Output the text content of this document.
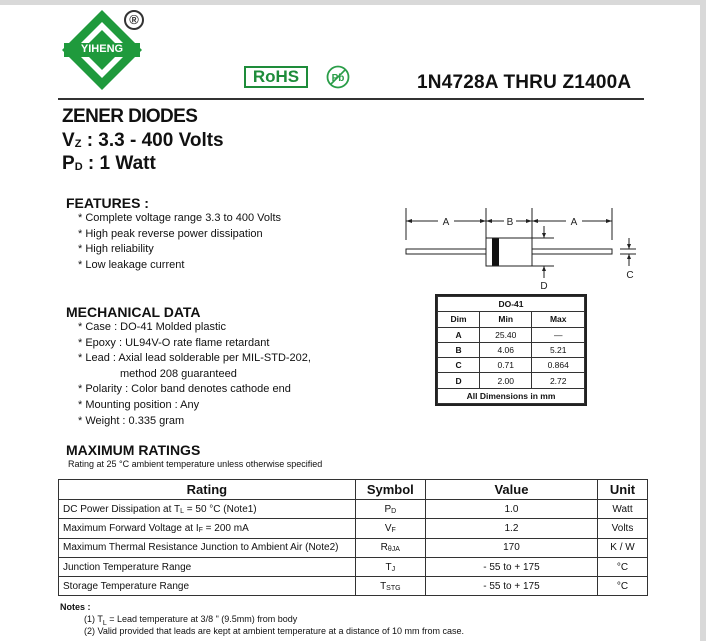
YIHENG
®
RoHS	Pb	1N4728A THRU Z1400A
ZENER DIODES
VZ : 3.3 - 400 Volts
PD : 1 Watt
FEATURES :
* Complete voltage range 3.3 to 400 Volts
* High peak reverse power dissipation
* High reliability
* Low leakage current
MECHANICAL DATA
* Case : DO-41 Molded plastic
* Epoxy : UL94V-O rate flame retardant
* Lead : Axial lead solderable per MIL-STD-202,
method 208 guaranteed
* Polarity : Color band denotes cathode end
* Mounting position : Any
* Weight : 0.335 gram
A	B	A
C
D
DO-41		
Dim	Min	Max
A	25.40	—
B	4.06	5.21
C	0.71	0.864
D	2.00	2.72
All Dimensions in mm		
MAXIMUM RATINGS
Rating at 25 °C ambient temperature unless otherwise specified
Rating	Symbol	Value	Unit
DC Power Dissipation at $T_L = 50$ °C (Note1)	$P_D$	1.0	Watt
Maximum Forward Voltage at $I_F = 200$ mA	$V_F$	1.2	Volts
Maximum Thermal Resistance Junction to Ambient Air (Note2)	$R_{\theta JA}$	170	K / W
Junction Temperature Range	$T_J$	- 55 to + 175	°C
Storage Temperature Range	$T_{STG}$	- 55 to + 175	°C
Notes :
(1) $T_L$ = Lead temperature at 3/8 " (9.5mm) from body
(2) Valid provided that leads are kept at ambient temperature at a distance of 10 mm from case.
